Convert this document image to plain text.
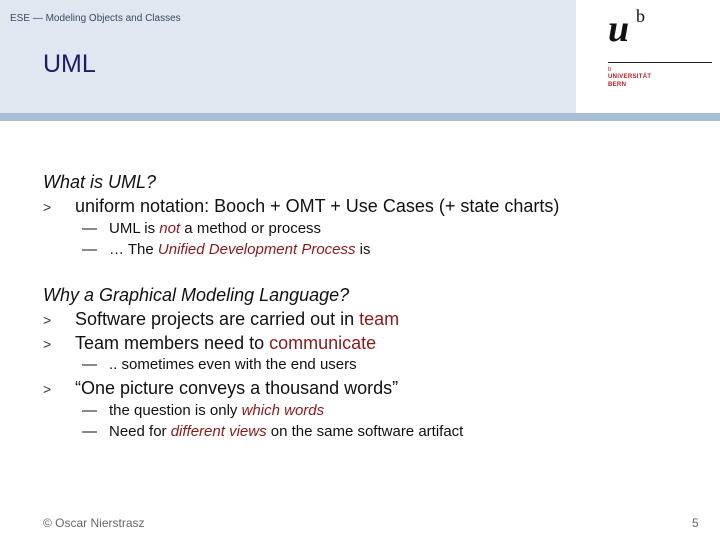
ESE — Modeling Objects and Classes
UML
u b
b
UNIVERSITÄT
BERN
What is UML?
> uniform notation: Booch + OMT + Use Cases (+ state charts)
— UML is not a method or process
— … The Unified Development Process is
Why a Graphical Modeling Language?
> Software projects are carried out in team
> Team members need to communicate
— .. sometimes even with the end users
> “One picture conveys a thousand words”
— the question is only which words
— Need for different views on the same software artifact
© Oscar Nierstrasz	5
